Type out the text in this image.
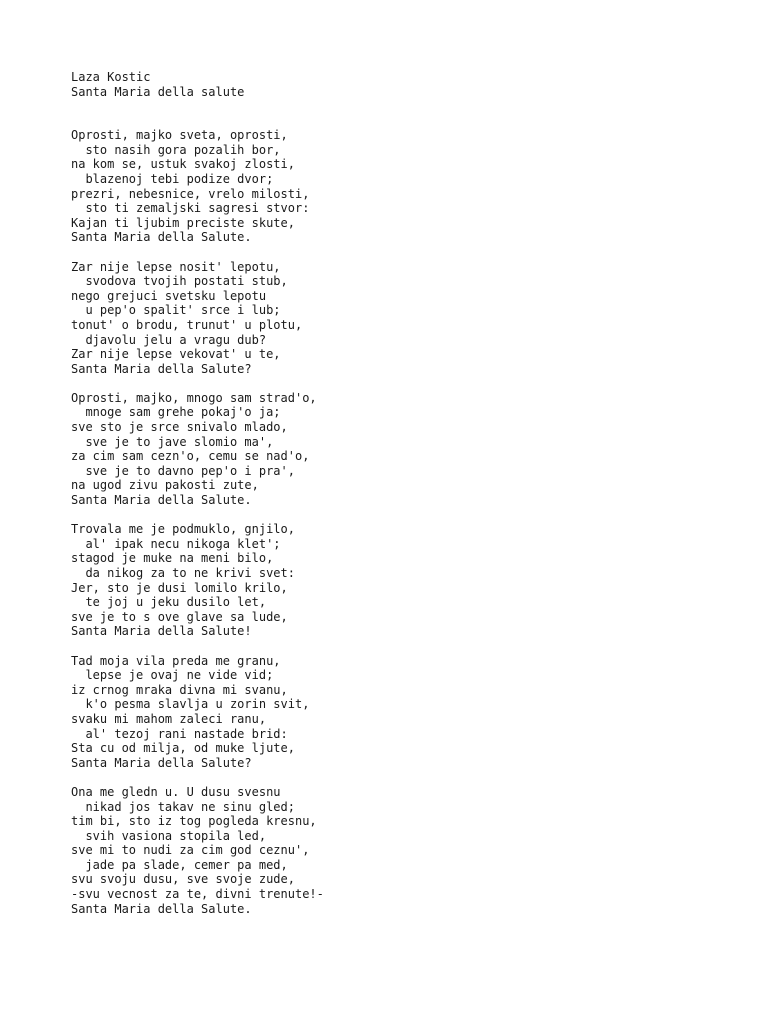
Laza Kostic
Santa Maria della salute
Oprosti, majko sveta, oprosti,
sto nasih gora pozalih bor,
na kom se, ustuk svakoj zlosti,
blazenoj tebi podize dvor;
prezri, nebesnice, vrelo milosti,
sto ti zemaljski sagresi stvor:
Kajan ti ljubim preciste skute,
Santa Maria della Salute.
Zar nije lepse nosit' lepotu,
svodova tvojih postati stub,
nego grejuci svetsku lepotu
u pep'o spalit' srce i lub;
tonut' o brodu, trunut' u plotu,
djavolu jelu a vragu dub?
Zar nije lepse vekovat' u te,
Santa Maria della Salute?
Oprosti, majko, mnogo sam strad'o,
mnoge sam grehe pokaj'o ja;
sve sto je srce snivalo mlado,
sve je to jave slomio ma',
za cim sam cezn'o, cemu se nad'o,
sve je to davno pep'o i pra',
na ugod zivu pakosti zute,
Santa Maria della Salute.
Trovala me je podmuklo, gnjilo,
al' ipak necu nikoga klet';
stagod je muke na meni bilo,
da nikog za to ne krivi svet:
Jer, sto je dusi lomilo krilo,
te joj u jeku dusilo let,
sve je to s ove glave sa lude,
Santa Maria della Salute!
Tad moja vila preda me granu,
lepse je ovaj ne vide vid;
iz crnog mraka divna mi svanu,
k'o pesma slavlja u zorin svit,
svaku mi mahom zaleci ranu,
al' tezoj rani nastade brid:
Sta cu od milja, od muke ljute,
Santa Maria della Salute?
Ona me gledn u. U dusu svesnu
nikad jos takav ne sinu gled;
tim bi, sto iz tog pogleda kresnu,
svih vasiona stopila led,
sve mi to nudi za cim god ceznu',
jade pa slade, cemer pa med,
svu svoju dusu, sve svoje zude,
-svu vecnost za te, divni trenute!-
Santa Maria della Salute.
